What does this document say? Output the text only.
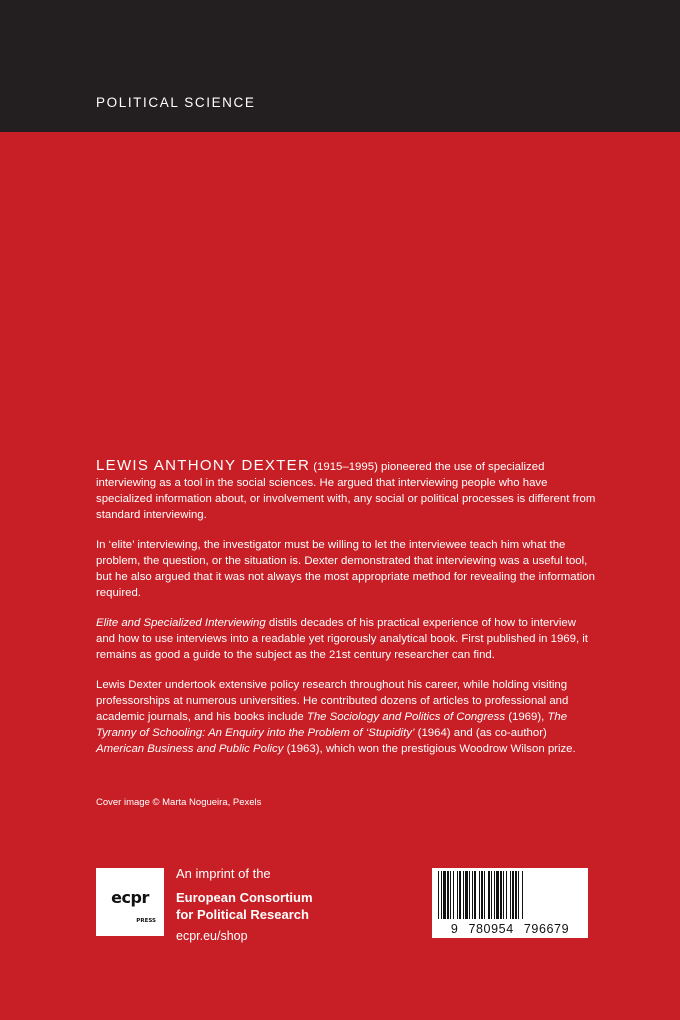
POLITICAL SCIENCE

LEWIS ANTHONY DEXTER (1915–1995) pioneered the use of specialized interviewing as a tool in the social sciences. He argued that interviewing people who have specialized information about, or involvement with, any social or political processes is different from standard interviewing.

In ‘elite’ interviewing, the investigator must be willing to let the interviewee teach him what the problem, the question, or the situation is. Dexter demonstrated that interviewing was a useful tool, but he also argued that it was not always the most appropriate method for revealing the information required.

Elite and Specialized Interviewing distils decades of his practical experience of how to interview and how to use interviews into a readable yet rigorously analytical book. First published in 1969, it remains as good a guide to the subject as the 21st century researcher can find.

Lewis Dexter undertook extensive policy research throughout his career, while holding visiting professorships at numerous universities. He contributed dozens of articles to professional and academic journals, and his books include The Sociology and Politics of Congress (1969), The Tyranny of Schooling: An Enquiry into the Problem of ‘Stupidity’ (1964) and (as co-author) American Business and Public Policy (1963), which won the prestigious Woodrow Wilson prize.

Cover image © Marta Nogueira, Pexels
ecpr
PRESS
An imprint of the
European Consortium
for Political Research
ecpr.eu/shop	9 780954 796679
